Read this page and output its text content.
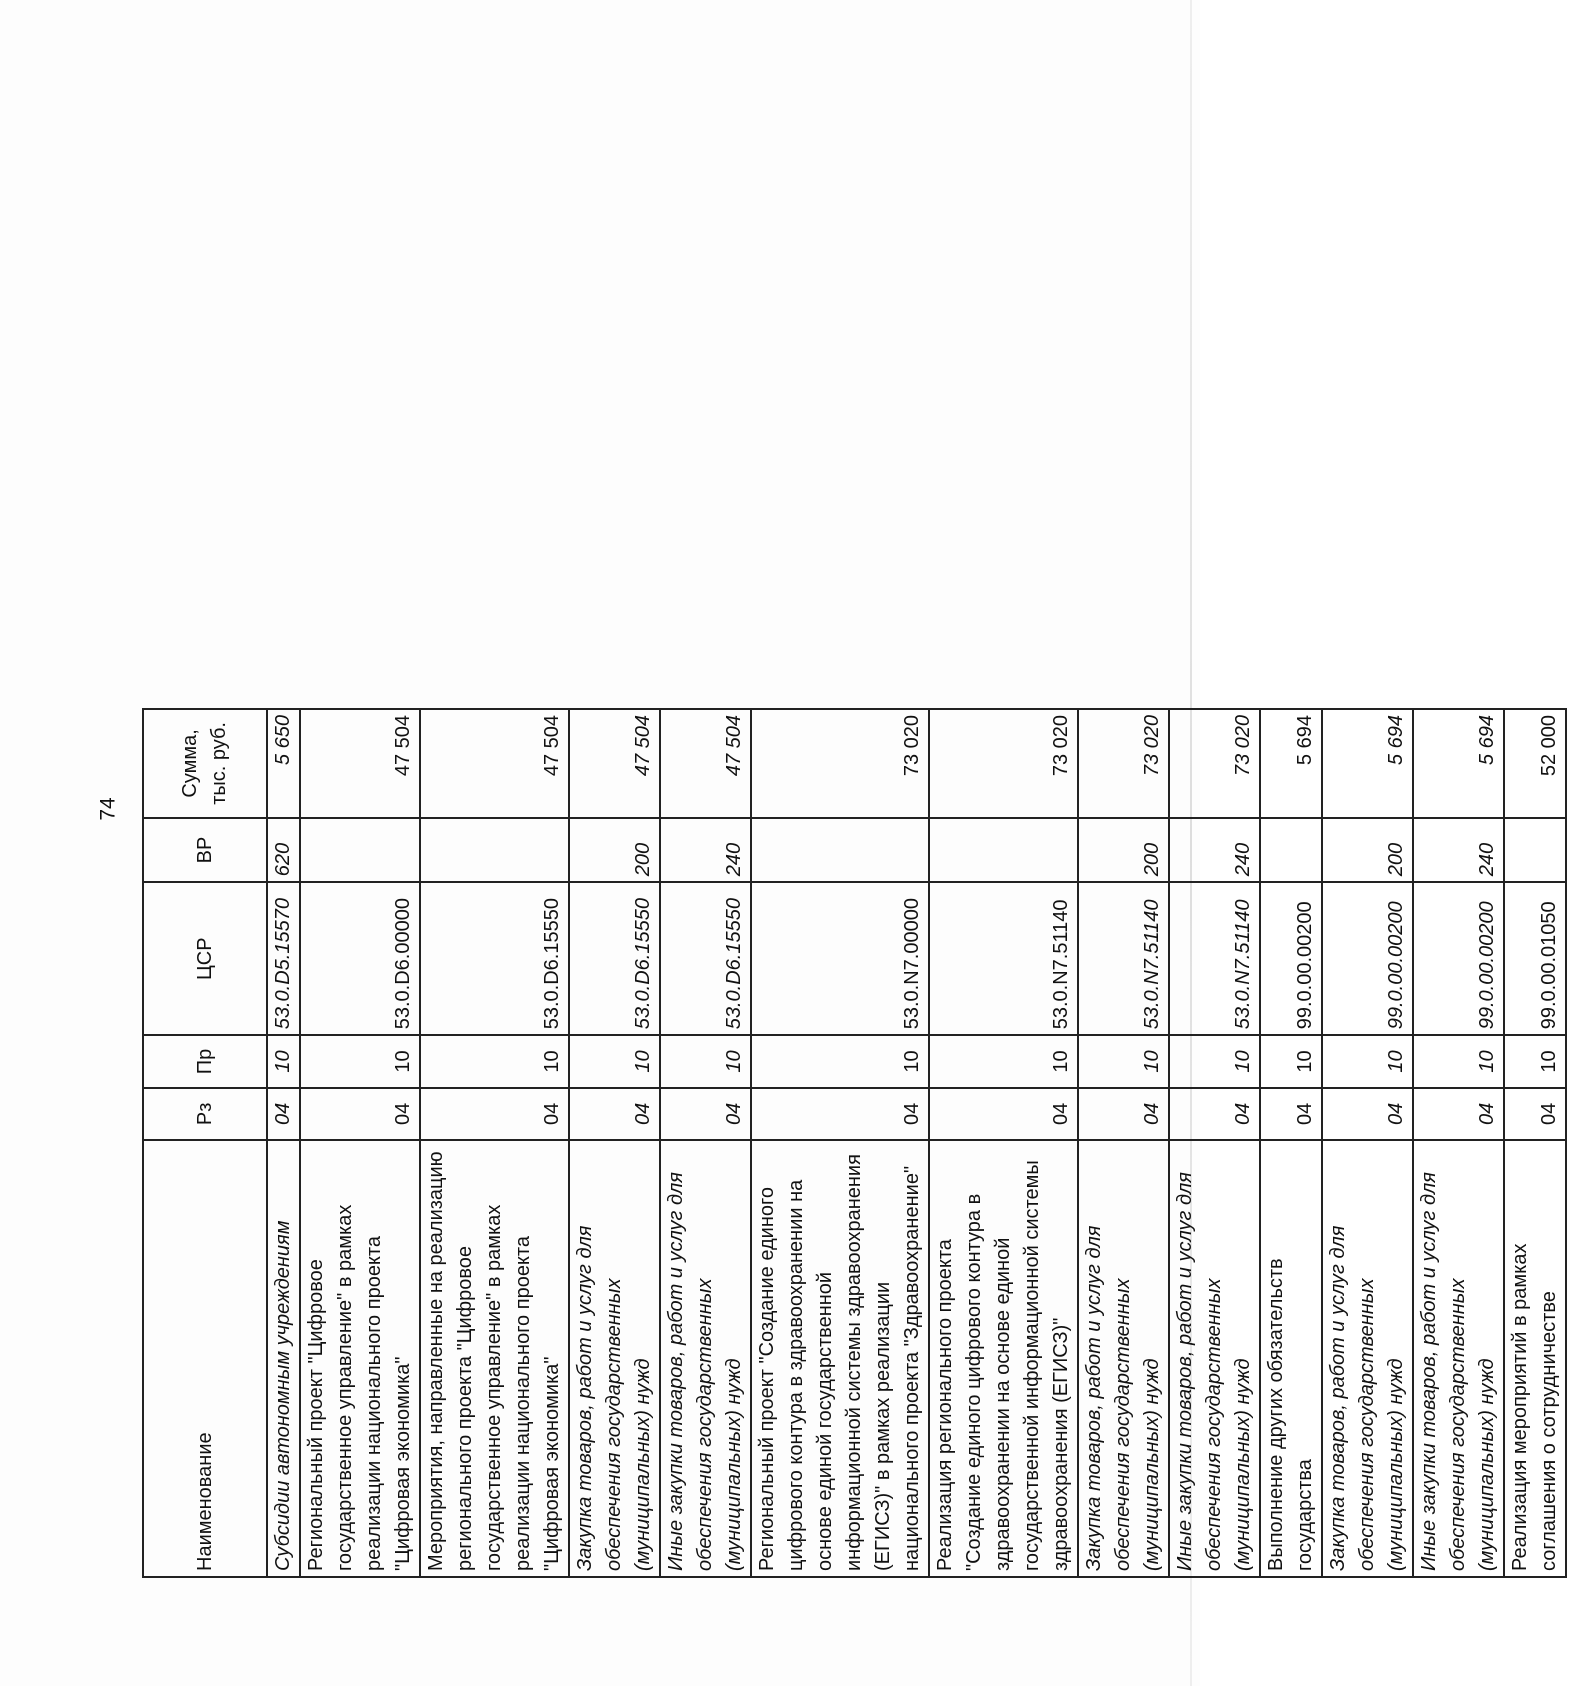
74
Наименование	Рз	Пр	ЦСР	ВР	Сумма, тыс. руб.
Субсидии автономным учреждениям	04	10	53.0.D5.15570	620	5 650
Региональный проект "Цифровое государственное управление" в рамках реализации национального проекта "Цифровая экономика"	04	10	53.0.D6.00000		47 504
Мероприятия, направленные на реализацию регионального проекта "Цифровое государственное управление" в рамках реализации национального проекта "Цифровая экономика"	04	10	53.0.D6.15550		47 504
Закупка товаров, работ и услуг для обеспечения государственных (муниципальных) нужд	04	10	53.0.D6.15550	200	47 504
Иные закупки товаров, работ и услуг для обеспечения государственных (муниципальных) нужд	04	10	53.0.D6.15550	240	47 504
Региональный проект "Создание единого цифрового контура в здравоохранении на основе единой государственной информационной системы здравоохранения (ЕГИСЗ)" в рамках реализации национального проекта "Здравоохранение"	04	10	53.0.N7.00000		73 020
Реализация регионального проекта "Создание единого цифрового контура в здравоохранении на основе единой государственной информационной системы здравоохранения (ЕГИСЗ)"	04	10	53.0.N7.51140		73 020
Закупка товаров, работ и услуг для обеспечения государственных (муниципальных) нужд	04	10	53.0.N7.51140	200	73 020
Иные закупки товаров, работ и услуг для обеспечения государственных (муниципальных) нужд	04	10	53.0.N7.51140	240	73 020
Выполнение других обязательств государства	04	10	99.0.00.00200		5 694
Закупка товаров, работ и услуг для обеспечения государственных (муниципальных) нужд	04	10	99.0.00.00200	200	5 694
Иные закупки товаров, работ и услуг для обеспечения государственных (муниципальных) нужд	04	10	99.0.00.00200	240	5 694
Реализация мероприятий в рамках соглашения о сотрудничестве	04	10	99.0.00.01050		52 000
